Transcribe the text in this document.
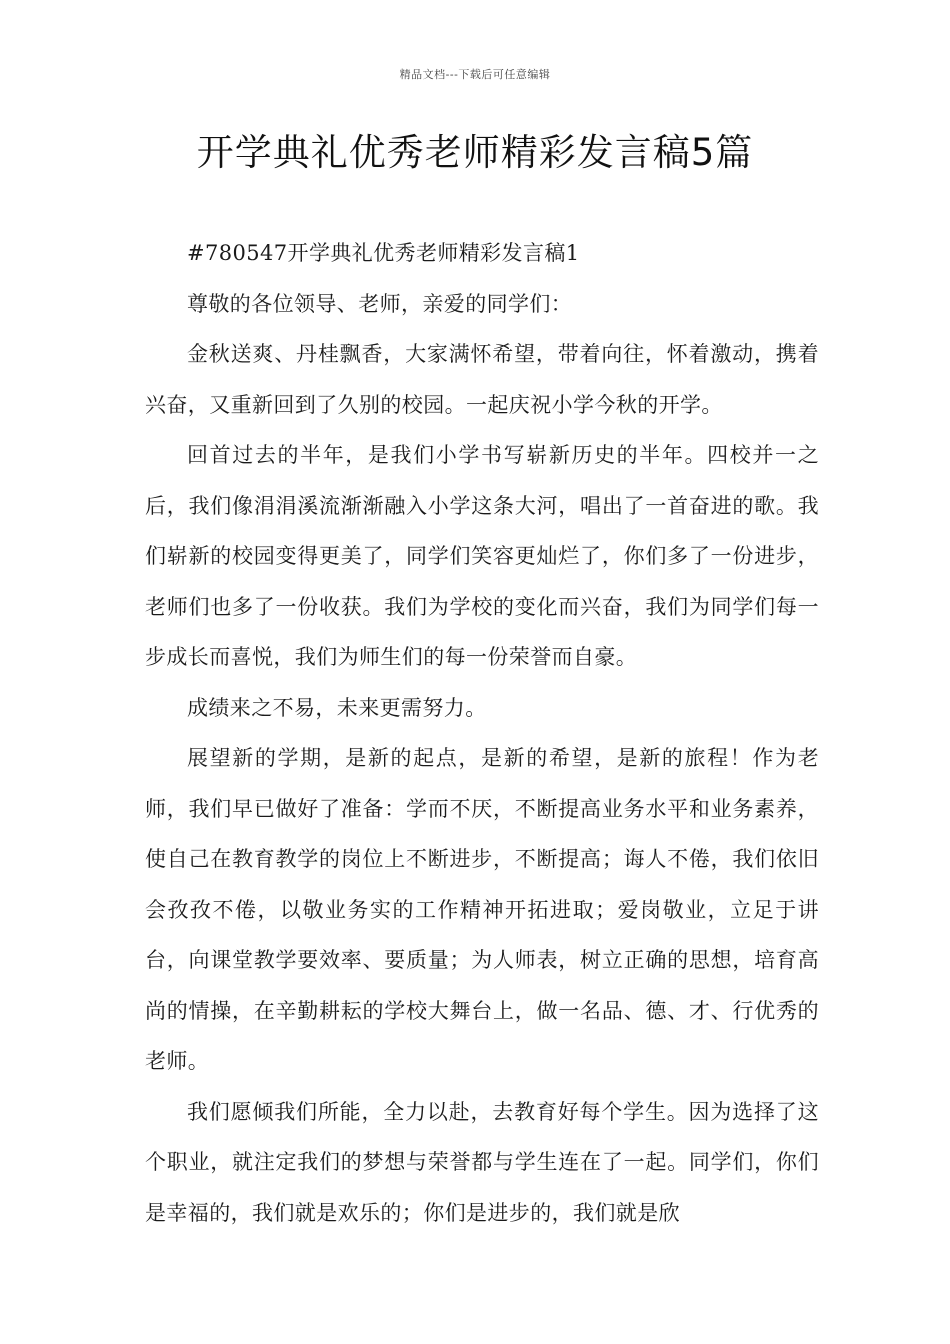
精品文档---下载后可任意编辑
开学典礼优秀老师精彩发言稿5篇

#780547开学典礼优秀老师精彩发言稿1

尊敬的各位领导、老师，亲爱的同学们：

金秋送爽、丹桂飘香，大家满怀希望，带着向往，怀着激动，携着兴奋，又重新回到了久别的校园。一起庆祝小学今秋的开学。

回首过去的半年，是我们小学书写崭新历史的半年。四校并一之后，我们像涓涓溪流渐渐融入小学这条大河，唱出了一首奋进的歌。我们崭新的校园变得更美了，同学们笑容更灿烂了，你们多了一份进步，老师们也多了一份收获。我们为学校的变化而兴奋，我们为同学们每一步成长而喜悦，我们为师生们的每一份荣誉而自豪。

成绩来之不易，未来更需努力。

展望新的学期，是新的起点，是新的希望，是新的旅程！作为老师，我们早已做好了准备：学而不厌，不断提高业务水平和业务素养，使自己在教育教学的岗位上不断进步，不断提高；诲人不倦，我们依旧会孜孜不倦，以敬业务实的工作精神开拓进取；爱岗敬业，立足于讲台，向课堂教学要效率、要质量；为人师表，树立正确的思想，培育高尚的情操，在辛勤耕耘的学校大舞台上，做一名品、德、才、行优秀的老师。

我们愿倾我们所能，全力以赴，去教育好每个学生。因为选择了这个职业，就注定我们的梦想与荣誉都与学生连在了一起。同学们，你们是幸福的，我们就是欢乐的；你们是进步的，我们就是欣
